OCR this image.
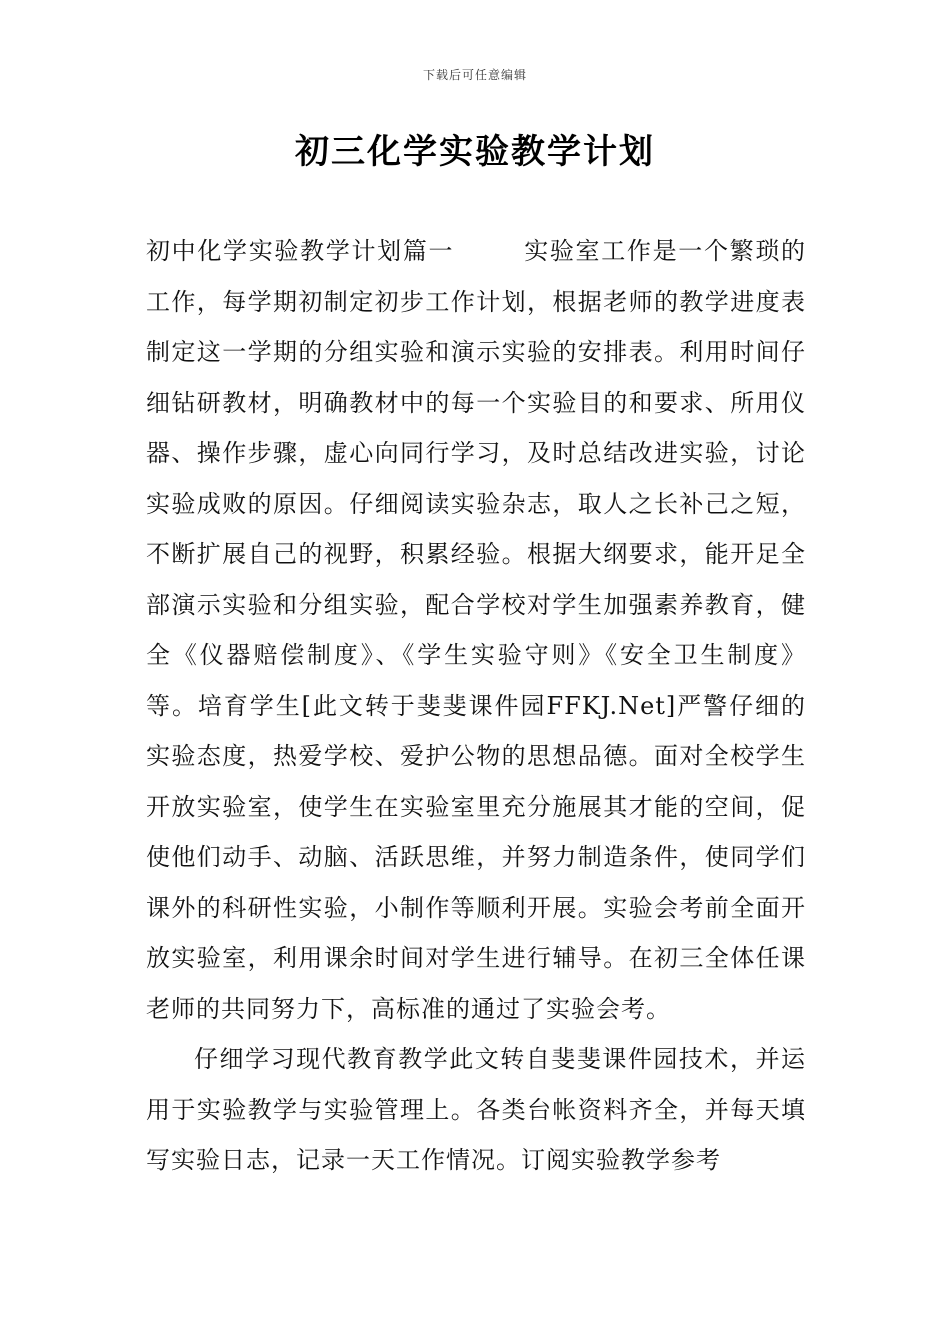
下载后可任意编辑
初三化学实验教学计划

初中化学实验教学计划篇一	实验室工作是一个繁琐的工作，每学期初制定初步工作计划，根据老师的教学进度表制定这一学期的分组实验和演示实验的安排表。利用时间仔细钻研教材，明确教材中的每一个实验目的和要求、所用仪器、操作步骤，虚心向同行学习，及时总结改进实验，讨论实验成败的原因。仔细阅读实验杂志，取人之长补己之短，不断扩展自己的视野，积累经验。根据大纲要求，能开足全部演示实验和分组实验，配合学校对学生加强素养教育，健全《仪器赔偿制度》、《学生实验守则》《安全卫生制度》等。培育学生[此文转于斐斐课件园FFKJ.Net]严警仔细的实验态度，热爱学校、爱护公物的思想品德。面对全校学生开放实验室，使学生在实验室里充分施展其才能的空间，促使他们动手、动脑、活跃思维，并努力制造条件，使同学们课外的科研性实验，小制作等顺利开展。实验会考前全面开放实验室，利用课余时间对学生进行辅导。在初三全体任课老师的共同努力下，高标准的通过了实验会考。

仔细学习现代教育教学此文转自斐斐课件园技术，并运用于实验教学与实验管理上。各类台帐资料齐全，并每天填写实验日志，记录一天工作情况。订阅实验教学参考
